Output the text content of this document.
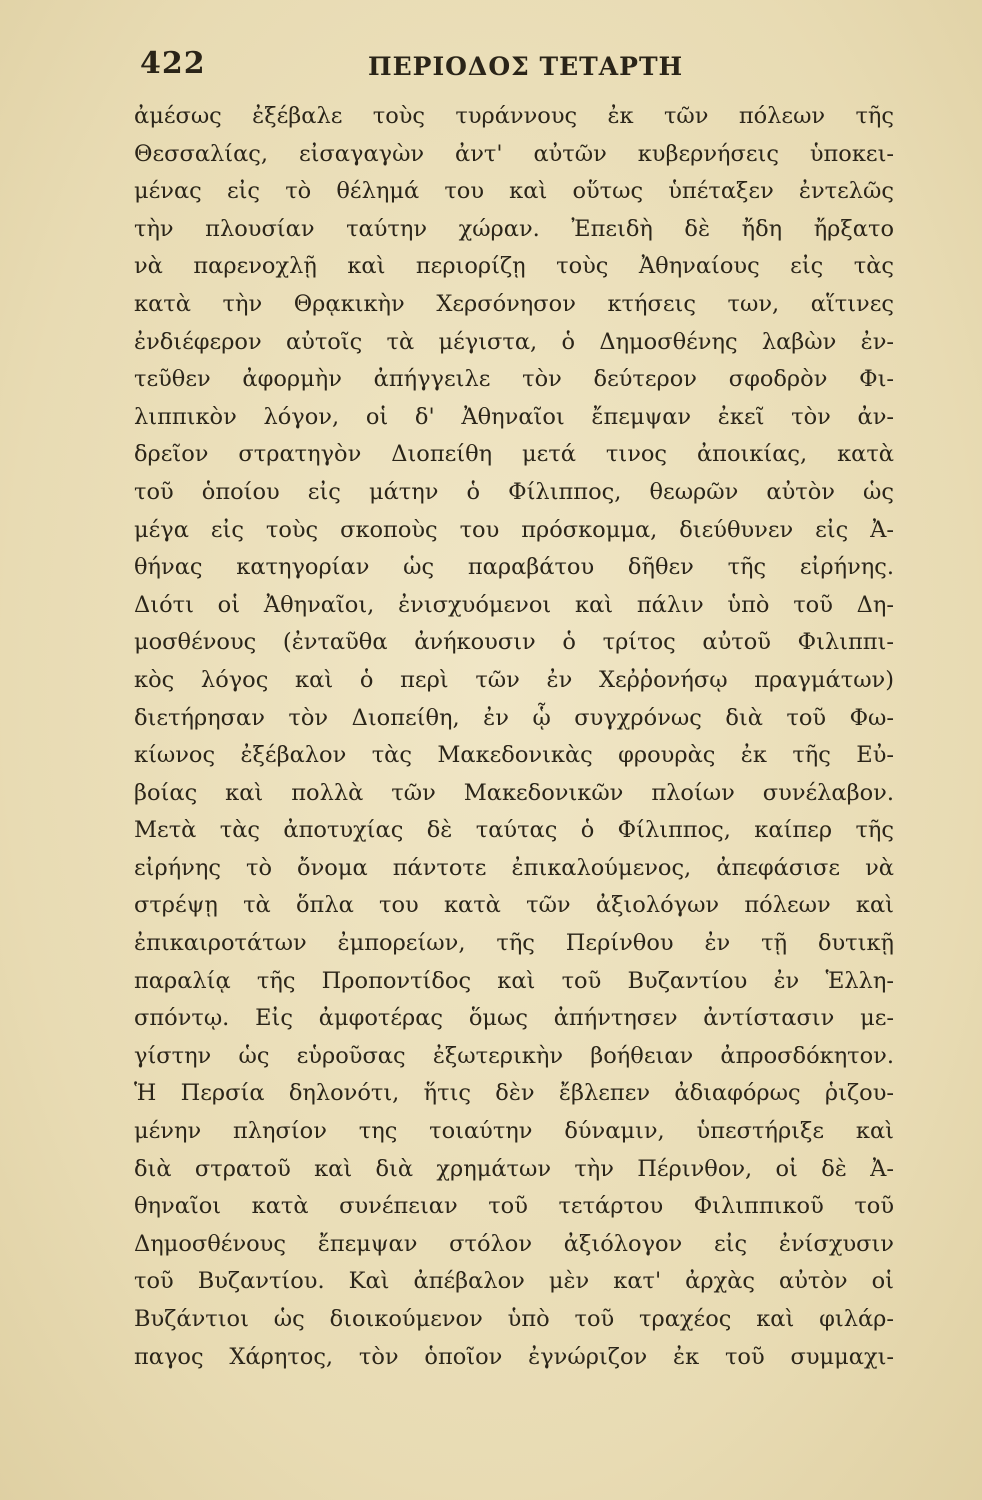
422	ΠΕΡΙΟΔΟΣ ΤΕΤΑΡΤΗ
ἀμέσως ἐξέβαλε τοὺς τυράννους ἐκ τῶν πόλεων τῆς
Θεσσαλίας, εἰσαγαγὼν ἀντ' αὐτῶν κυβερνήσεις ὑποκει-
μένας εἰς τὸ θέλημά του καὶ οὕτως ὑπέταξεν ἐντελῶς
τὴν πλουσίαν ταύτην χώραν. Ἐπειδὴ δὲ ἤδη ἤρξατο
νὰ παρενοχλῇ καὶ περιορίζῃ τοὺς Ἀθηναίους εἰς τὰς
κατὰ τὴν Θρᾳκικὴν Χερσόνησον κτήσεις των, αἵτινες
ἐνδιέφερον αὐτοῖς τὰ μέγιστα, ὁ Δημοσθένης λαβὼν ἐν-
τεῦθεν ἀφορμὴν ἀπήγγειλε τὸν δεύτερον σφοδρὸν Φι-
λιππικὸν λόγον, οἱ δ' Ἀθηναῖοι ἔπεμψαν ἐκεῖ τὸν ἀν-
δρεῖον στρατηγὸν Διοπείθη μετά τινος ἀποικίας, κατὰ
τοῦ ὁποίου εἰς μάτην ὁ Φίλιππος, θεωρῶν αὐτὸν ὡς
μέγα εἰς τοὺς σκοποὺς του πρόσκομμα, διεύθυνεν εἰς Ἀ-
θήνας κατηγορίαν ὡς παραβάτου δῆθεν τῆς εἰρήνης.
Διότι οἱ Ἀθηναῖοι, ἐνισχυόμενοι καὶ πάλιν ὑπὸ τοῦ Δη-
μοσθένους (ἐνταῦθα ἀνήκουσιν ὁ τρίτος αὐτοῦ Φιλιππι-
κὸς λόγος καὶ ὁ περὶ τῶν ἐν Χεῤῥονήσῳ πραγμάτων)
διετήρησαν τὸν Διοπείθη, ἐν ᾧ συγχρόνως διὰ τοῦ Φω-
κίωνος ἐξέβαλον τὰς Μακεδονικὰς φρουρὰς ἐκ τῆς Εὐ-
βοίας καὶ πολλὰ τῶν Μακεδονικῶν πλοίων συνέλαβον.
Μετὰ τὰς ἀποτυχίας δὲ ταύτας ὁ Φίλιππος, καίπερ τῆς
εἰρήνης τὸ ὄνομα πάντοτε ἐπικαλούμενος, ἀπεφάσισε νὰ
στρέψῃ τὰ ὅπλα του κατὰ τῶν ἀξιολόγων πόλεων καὶ
ἐπικαιροτάτων ἐμπορείων, τῆς Περίνθου ἐν τῇ δυτικῇ
παραλίᾳ τῆς Προποντίδος καὶ τοῦ Βυζαντίου ἐν Ἑλλη-
σπόντῳ. Εἰς ἀμφοτέρας ὅμως ἀπήντησεν ἀντίστασιν με-
γίστην ὡς εὑροῦσας ἐξωτερικὴν βοήθειαν ἀπροσδόκητον.
Ἡ Περσία δηλονότι, ἥτις δὲν ἔβλεπεν ἀδιαφόρως ῥιζου-
μένην πλησίον της τοιαύτην δύναμιν, ὑπεστήριξε καὶ
διὰ στρατοῦ καὶ διὰ χρημάτων τὴν Πέρινθον, οἱ δὲ Ἀ-
θηναῖοι κατὰ συνέπειαν τοῦ τετάρτου Φιλιππικοῦ τοῦ
Δημοσθένους ἔπεμψαν στόλον ἀξιόλογον εἰς ἐνίσχυσιν
τοῦ Βυζαντίου. Καὶ ἀπέβαλον μὲν κατ' ἀρχὰς αὐτὸν οἱ
Βυζάντιοι ὡς διοικούμενον ὑπὸ τοῦ τραχέος καὶ φιλάρ-
παγος Χάρητος, τὸν ὁποῖον ἐγνώριζον ἐκ τοῦ συμμαχι-
